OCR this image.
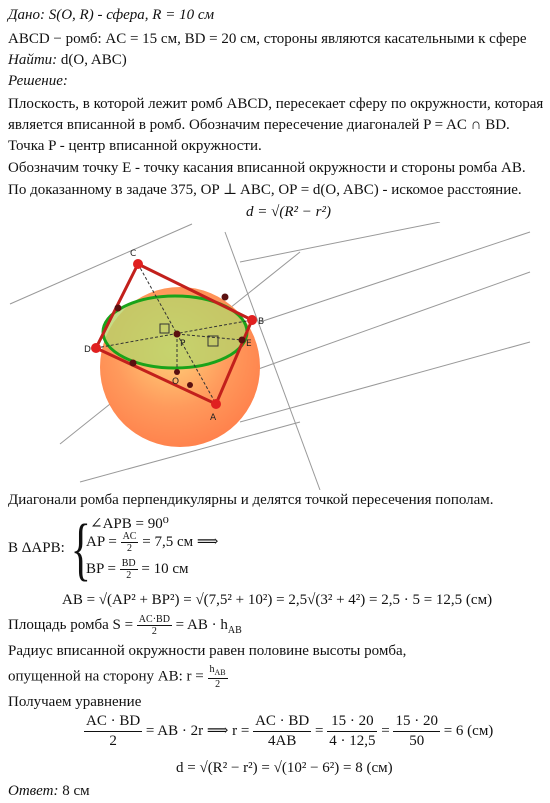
Дано: S(O, R) - сфера, R = 10 см
ABCD − ромб: AC = 15 см, BD = 20 см, стороны являются касательными к сфере
Найти: d(O, ABC)
Решение:
Плоскость, в которой лежит ромб ABCD, пересекает сферу по окружности, которая
является вписанной в ромб. Обозначим пересечение диагоналей P = AC ∩ BD.
Точка P - центр вписанной окружности.
Обозначим точку E - точку касания вписанной окружности и стороны ромба AB.
По доказанному в задаче 375, OP ⊥ ABC, OP = d(O, ABC) - искомое расстояние.
d = √(R² − r²)
C
B
A
D
E
P
O
Диагонали ромба перпендикулярны и делятся точкой пересечения пополам.
В ΔAPB: { ∠APB = 90⁰
AP = $\frac{AC}{2} = 7,5$ см ⟹
BP = $\frac{BD}{2} = 10$ см
AB = √(AP² + BP²) = √(7,5² + 10²) = 2,5√(3² + 4²) = 2,5 · 5 = 12,5 (см)
Площадь ромба $S = \frac{AC\cdot BD}{2}$ = AB · $h_{AB}$
Радиус вписанной окружности равен половине высоты ромба,
опущенной на сторону AB: $r = \frac{h_{AB}}{2}$
Получаем уравнение
$\frac{AC \cdot BD}{2}$ = AB · 2r ⟹ $r = \frac{AC \cdot BD}{4AB} = \frac{15 \cdot 20}{4 \cdot 12,5} = \frac{15 \cdot 20}{50} = 6$ (см)
d = √(R² − r²) = √(10² − 6²) = 8 (см)
Ответ: 8 см
